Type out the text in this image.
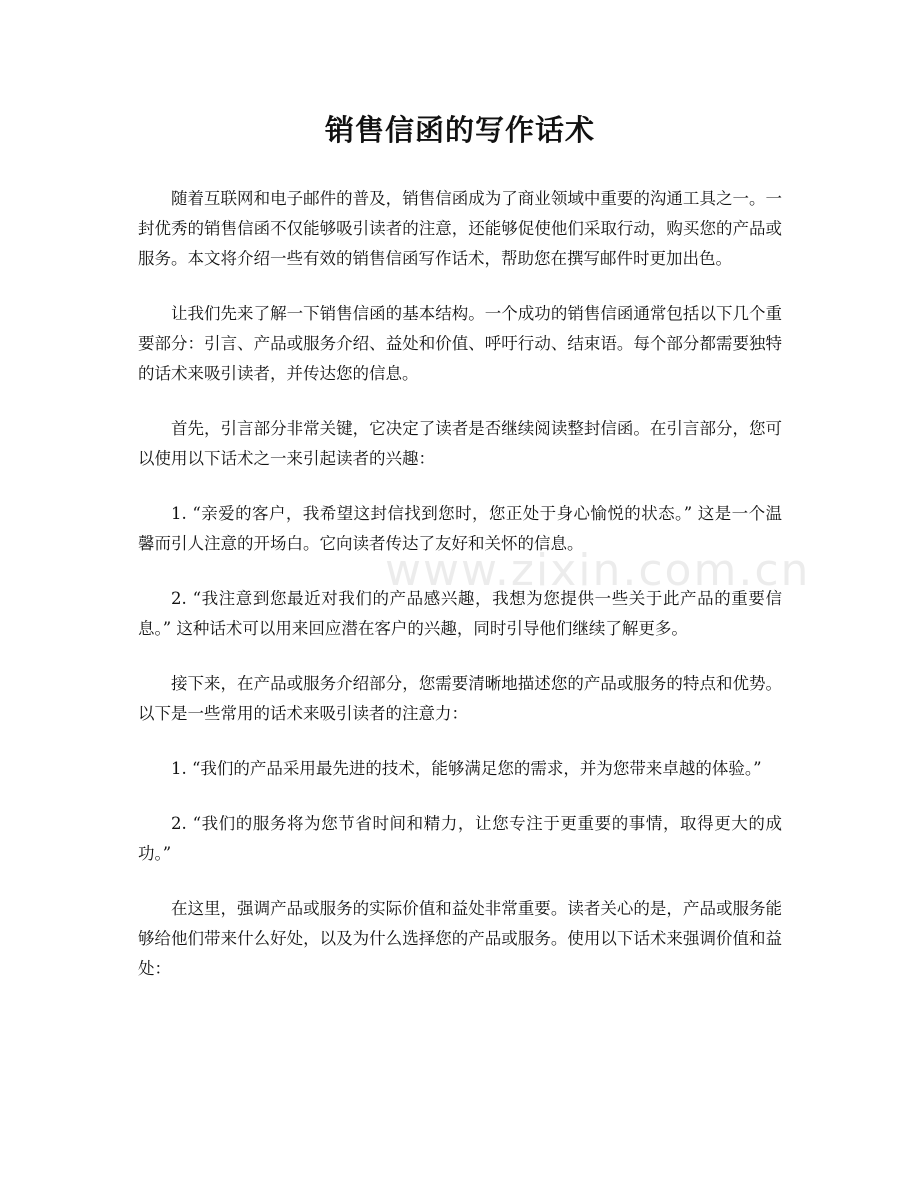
销售信函的写作话术

随着互联网和电子邮件的普及，销售信函成为了商业领域中重要的沟通工具之一。一封优秀的销售信函不仅能够吸引读者的注意，还能够促使他们采取行动，购买您的产品或服务。本文将介绍一些有效的销售信函写作话术，帮助您在撰写邮件时更加出色。

让我们先来了解一下销售信函的基本结构。一个成功的销售信函通常包括以下几个重要部分：引言、产品或服务介绍、益处和价值、呼吁行动、结束语。每个部分都需要独特的话术来吸引读者，并传达您的信息。

首先，引言部分非常关键，它决定了读者是否继续阅读整封信函。在引言部分，您可以使用以下话术之一来引起读者的兴趣：

1. “亲爱的客户，我希望这封信找到您时，您正处于身心愉悦的状态。” 这是一个温馨而引人注意的开场白。它向读者传达了友好和关怀的信息。

2. “我注意到您最近对我们的产品感兴趣，我想为您提供一些关于此产品的重要信息。” 这种话术可以用来回应潜在客户的兴趣，同时引导他们继续了解更多。

接下来，在产品或服务介绍部分，您需要清晰地描述您的产品或服务的特点和优势。以下是一些常用的话术来吸引读者的注意力：

1. “我们的产品采用最先进的技术，能够满足您的需求，并为您带来卓越的体验。”

2. “我们的服务将为您节省时间和精力，让您专注于更重要的事情，取得更大的成功。”

在这里，强调产品或服务的实际价值和益处非常重要。读者关心的是，产品或服务能够给他们带来什么好处，以及为什么选择您的产品或服务。使用以下话术来强调价值和益处：

www.zixin.com.cn
